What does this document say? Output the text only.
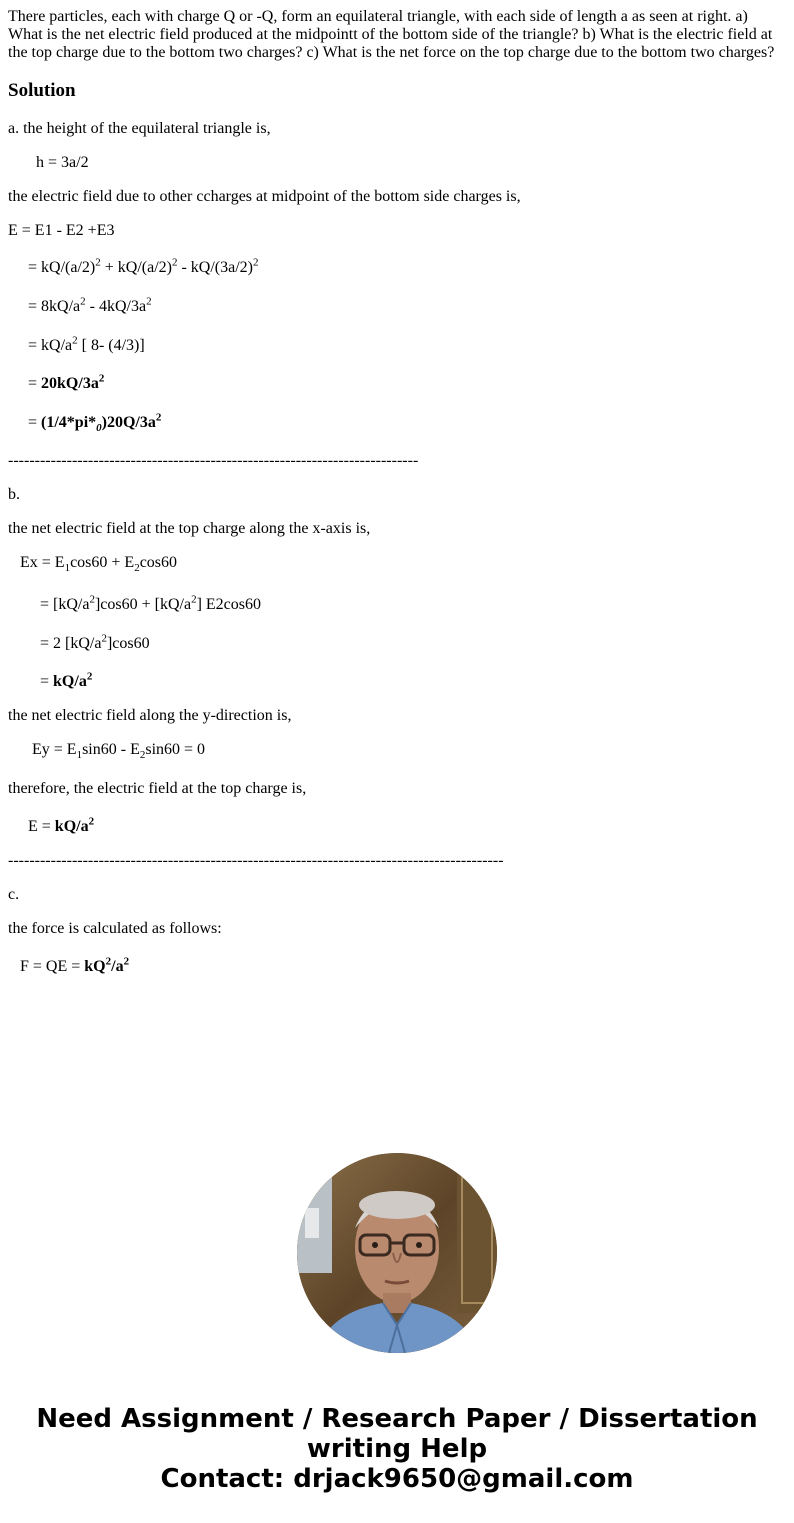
There particles, each with charge Q or -Q, form an equilateral triangle, with each side of length a as seen at right. a) What is the net electric field produced at the midpointt of the bottom side of the triangle? b) What is the electric field at the top charge due to the bottom two charges? c) What is the net force on the top charge due to the bottom two charges?

Solution
a. the height of the equilateral triangle is,
h = 3a/2
the electric field due to other ccharges at midpoint of the bottom side charges is,
E = E1 - E2 +E3
= $kQ/(a/2)^2 + kQ/(a/2)^2 - kQ/(3a/2)^2$
= $8kQ/a^2 - 4kQ/3a^2$
= $kQ/a^2$ [ 8- (4/3)]
= $20kQ/3a^2$
= $(1/4*pi*_0)20Q/3a^2$
-----------------------------------------------------------------------------
b.
the net electric field at the top charge along the x-axis is,
$Ex = E_1\cos 60 + E_2\cos 60$
= $[kQ/a^2]\cos 60 + [kQ/a^2]$ E2cos60
= 2 $[kQ/a^2]\cos 60$
= $kQ/a^2$
the net electric field along the y-direction is,
$Ey = E_1\sin 60 - E_2\sin 60 = 0$
therefore, the electric field at the top charge is,
$E = kQ/a^2$
---------------------------------------------------------------------------------------------
c.
the force is calculated as follows:
F = QE = $kQ^2/a^2$
Need Assignment / Research Paper / Dissertation
writing Help
Contact: drjack9650@gmail.com
